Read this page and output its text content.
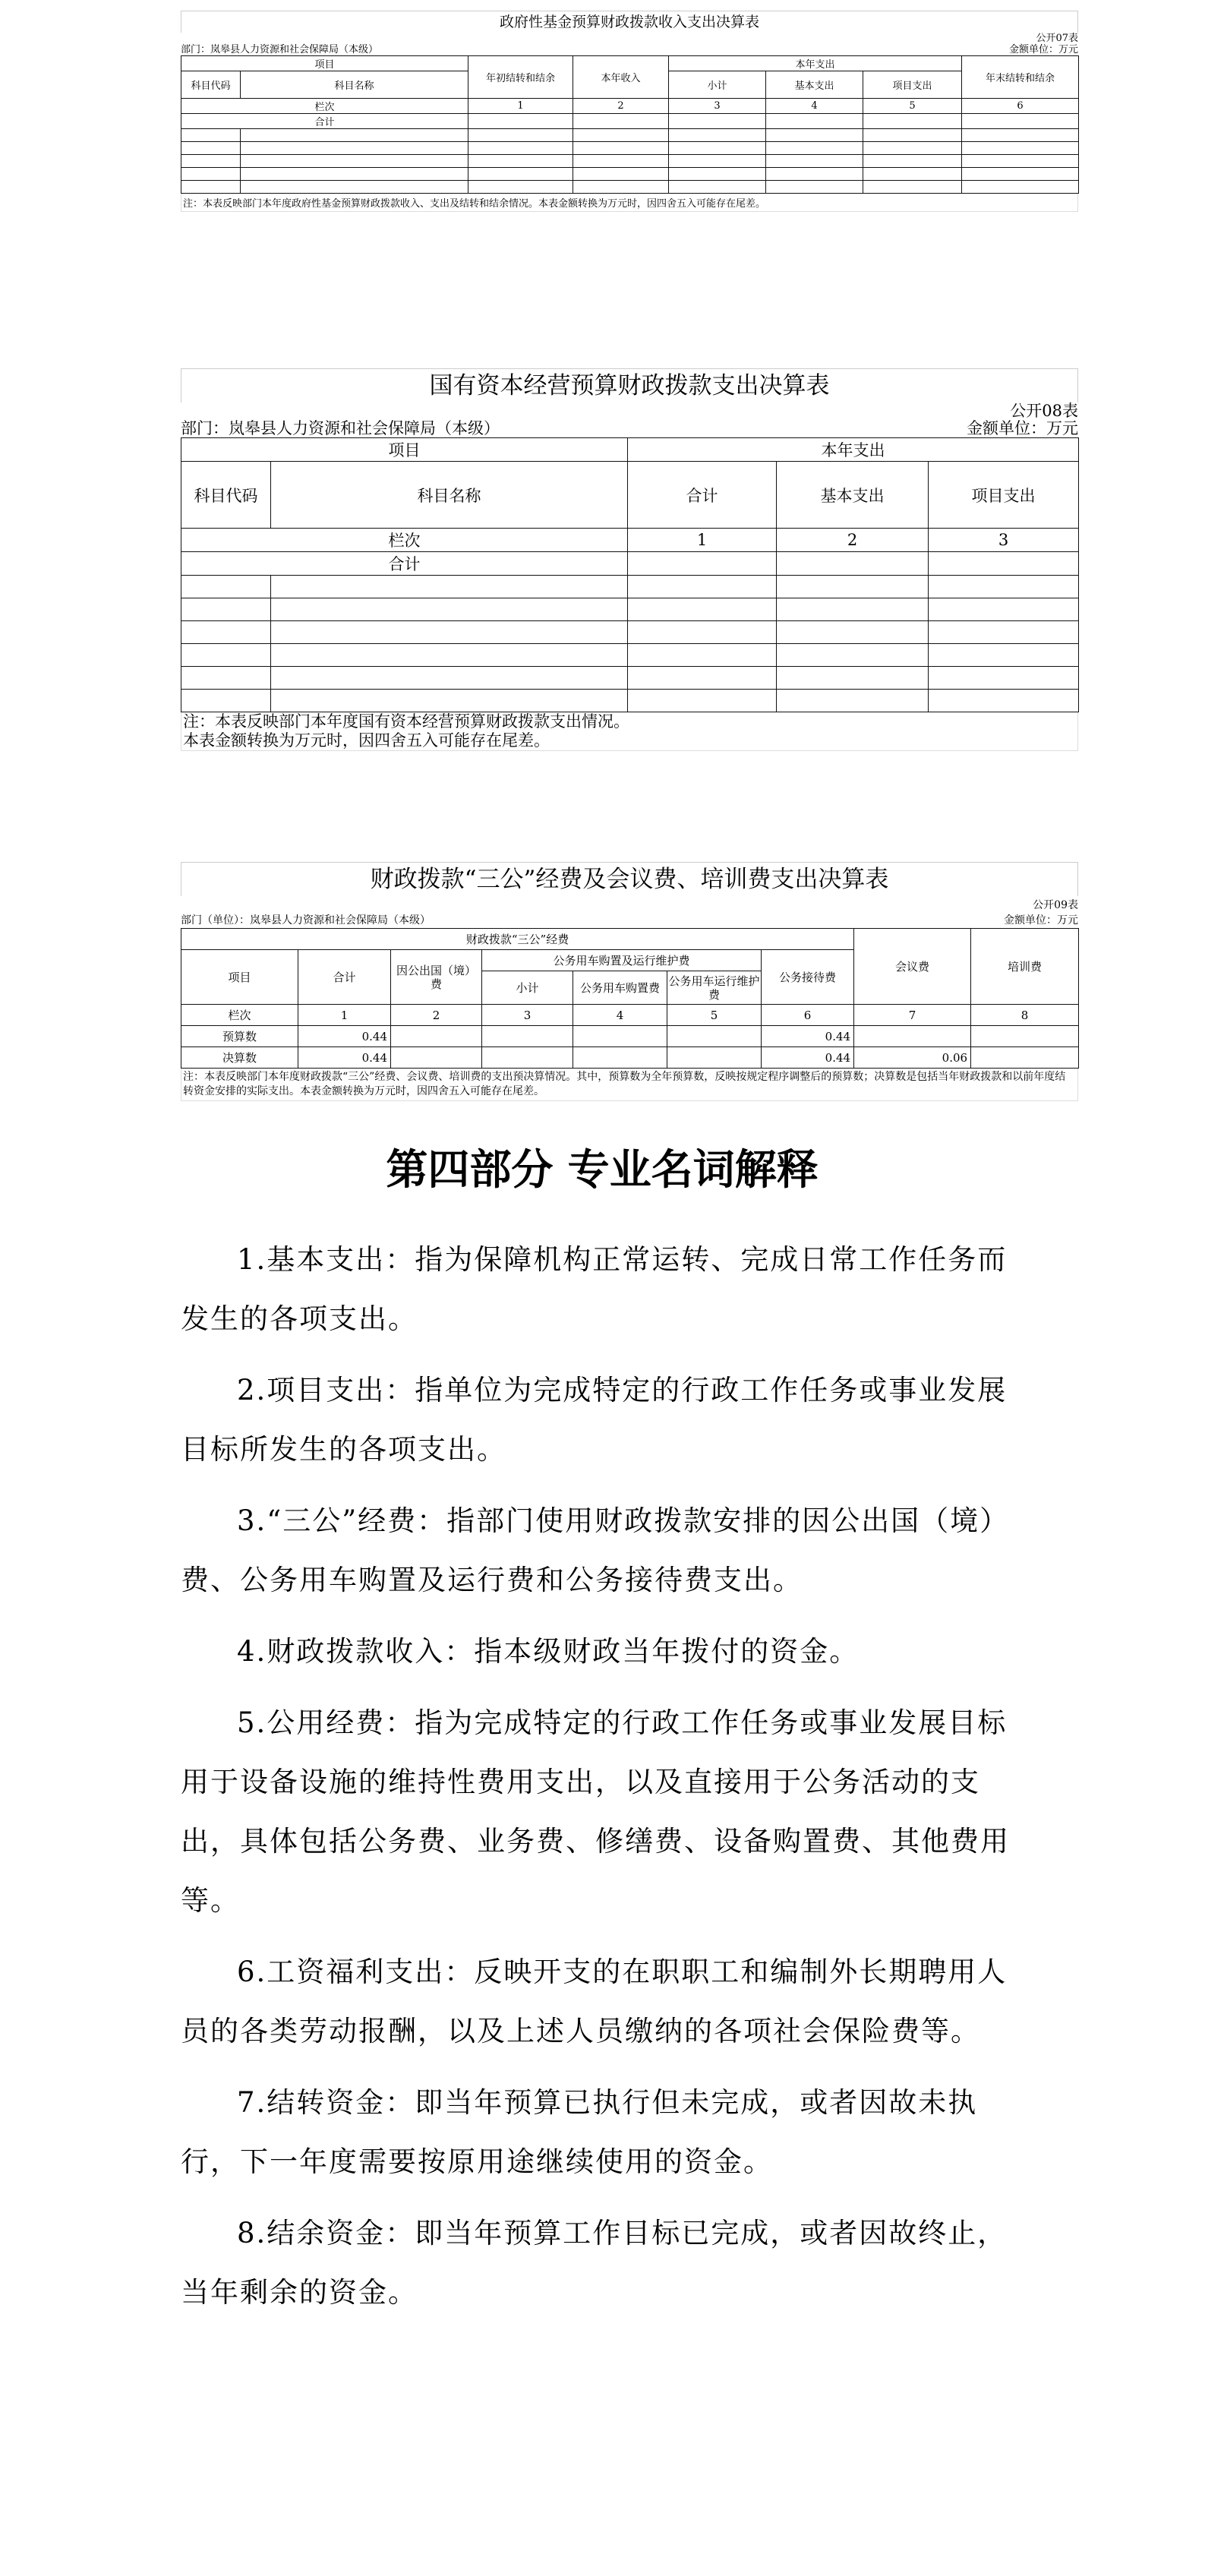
政府性基金预算财政拨款收入支出决算表
部门：岚皋县人力资源和社会保障局（本级）
公开07表
金额单位：万元
项目		年初结转和结余	本年收入	本年支出			年末结转和结余
科目代码	科目名称			小计	基本支出	项目支出	
栏次		1	2	3	4	5	6
合计							

注：本表反映部门本年度政府性基金预算财政拨款收入、支出及结转和结余情况。本表金额转换为万元时，因四舍五入可能存在尾差。
国有资本经营预算财政拨款支出决算表
部门：岚皋县人力资源和社会保障局（本级）
公开08表
金额单位：万元
项目		本年支出		
科目代码	科目名称	合计	基本支出	项目支出
栏次		1	2	3
合计				

注：本表反映部门本年度国有资本经营预算财政拨款支出情况。
本表金额转换为万元时，因四舍五入可能存在尾差。
财政拨款“三公”经费及会议费、培训费支出决算表
部门（单位）：岚皋县人力资源和社会保障局（本级）
公开09表
金额单位：万元
财政拨款“三公”经费							会议费	培训费
项目	合计	因公出国（境）费	公务用车购置及运行维护费			公务接待费		
			小计	公务用车购置费	公务用车运行维护费			
栏次	1	2	3	4	5	6	7	8
预算数	0.44					0.44		
决算数	0.44					0.44	0.06	
注：本表反映部门本年度财政拨款“三公”经费、会议费、培训费的支出预决算情况。其中，预算数为全年预算数，反映按规定程序调整后的预算数；决算数是包括当年财政拨款和以前年度结转资金安排的实际支出。本表金额转换为万元时，因四舍五入可能存在尾差。
第四部分 专业名词解释

1.基本支出：指为保障机构正常运转、完成日常工作任务而发生的各项支出。

2.项目支出：指单位为完成特定的行政工作任务或事业发展目标所发生的各项支出。

3.“三公”经费：指部门使用财政拨款安排的因公出国（境）费、公务用车购置及运行费和公务接待费支出。

4.财政拨款收入：指本级财政当年拨付的资金。

5.公用经费：指为完成特定的行政工作任务或事业发展目标用于设备设施的维持性费用支出，以及直接用于公务活动的支出，具体包括公务费、业务费、修缮费、设备购置费、其他费用等。

6.工资福利支出：反映开支的在职职工和编制外长期聘用人员的各类劳动报酬，以及上述人员缴纳的各项社会保险费等。

7.结转资金：即当年预算已执行但未完成，或者因故未执行，下一年度需要按原用途继续使用的资金。

8.结余资金：即当年预算工作目标已完成，或者因故终止，当年剩余的资金。
